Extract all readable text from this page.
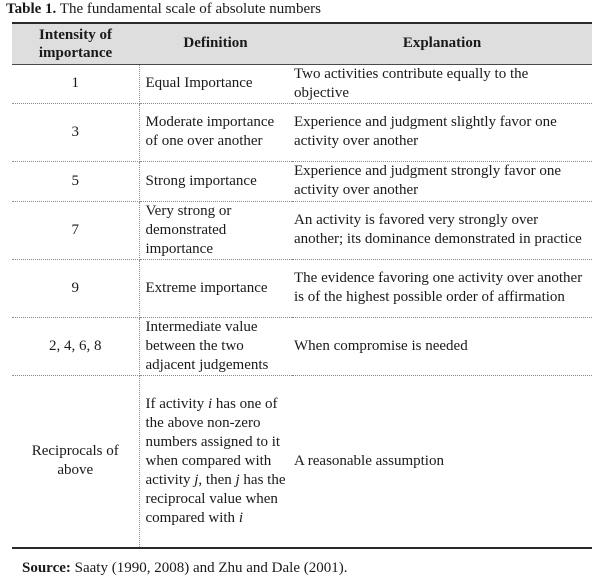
Table 1. The fundamental scale of absolute numbers
Intensity of importance	Definition	Explanation
1	Equal Importance	Two activities contribute equally to the objective
3	Moderate importance of one over another	Experience and judgment slightly favor one activity over another
5	Strong importance	Experience and judgment strongly favor one activity over another
7	Very strong or demonstrated importance	An activity is favored very strongly over another; its dominance demonstrated in practice
9	Extreme importance	The evidence favoring one activity over another is of the highest possible order of affirmation
2, 4, 6, 8	Intermediate value between the two adjacent judgements	When compromise is needed
Reciprocals of above	If activity i has one of the above non-zero numbers assigned to it when compared with activity j, then j has the reciprocal value when compared with i	A reasonable assumption
Source: Saaty (1990, 2008) and Zhu and Dale (2001).
